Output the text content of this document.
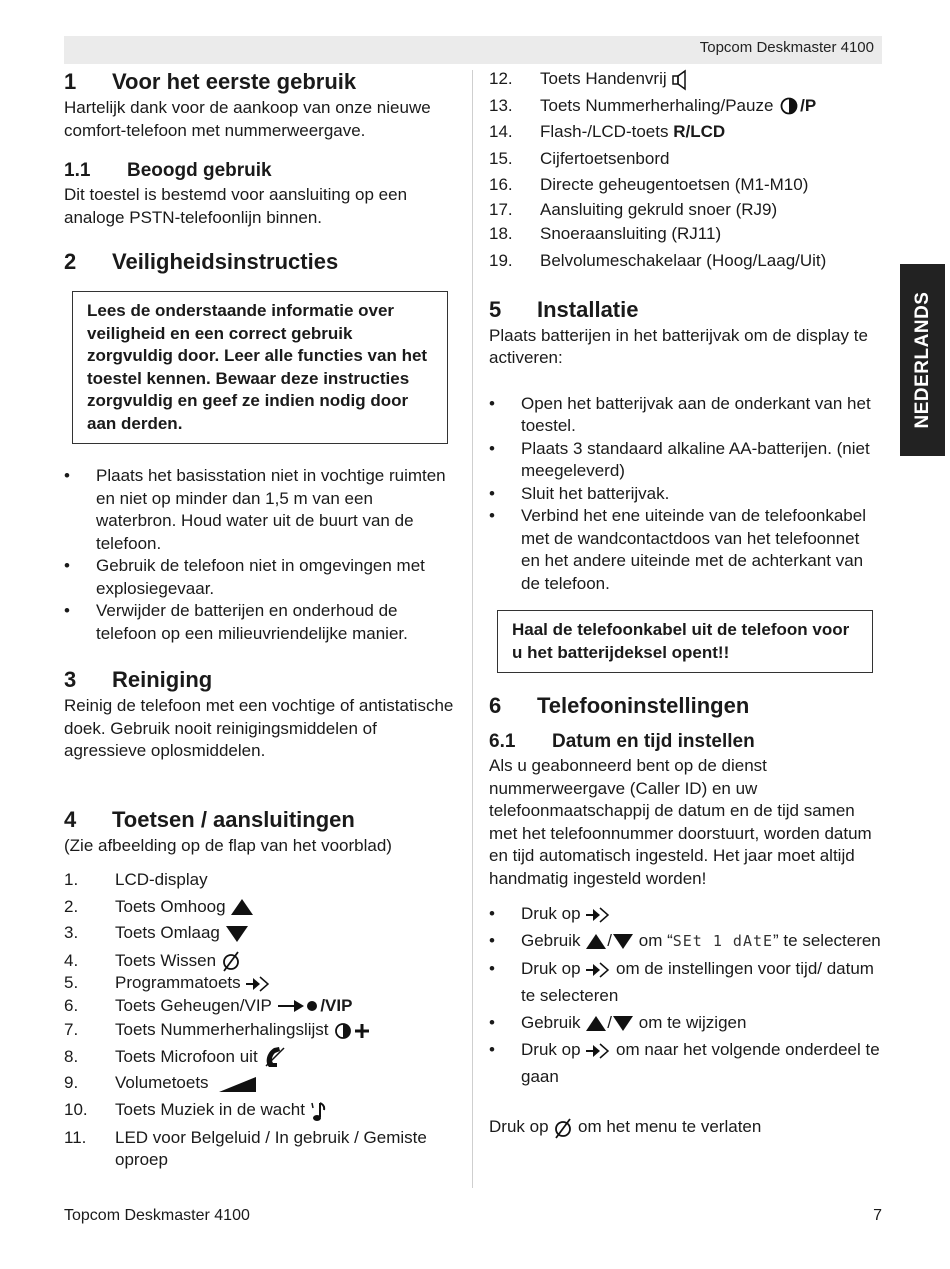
Topcom Deskmaster 4100
NEDERLANDS
1 Voor het eerste gebruik

Hartelijk dank voor de aankoop van onze nieuwe comfort-telefoon met nummerweergave.

1.1 Beoogd gebruik

Dit toestel is bestemd voor aansluiting op een analoge PSTN-telefoonlijn binnen.

2 Veiligheidsinstructies

Lees de onderstaande informatie over veiligheid en een correct gebruik zorgvuldig door. Leer alle functies van het toestel kennen. Bewaar deze instructies zorgvuldig en geef ze indien nodig door aan derden.

• Plaats het basisstation niet in vochtige ruimten en niet op minder dan 1,5 m van een waterbron. Houd water uit de buurt van de telefoon.
• Gebruik de telefoon niet in omgevingen met explosiegevaar.
• Verwijder de batterijen en onderhoud de telefoon op een milieuvriendelijke manier.
3 Reiniging

Reinig de telefoon met een vochtige of antistatische doek. Gebruik nooit reinigingsmiddelen of agressieve oplosmiddelen.

4 Toetsen / aansluitingen

(Zie afbeelding op de flap van het voorblad)

1. LCD-display
2. Toets Omhoog
3. Toets Omlaag
4. Toets Wissen
5. Programmatoets
6. Toets Geheugen/VIP	/VIP
7. Toets Nummerherhalingslijst
8. Toets Microfoon uit
9. Volumetoets
10. Toets Muziek in de wacht
11. LED voor Belgeluid / In gebruik / Gemiste oproep
12. Toets Handenvrij
13. Toets Nummerherhaling/Pauze /P
14. Flash-/LCD-toets R/LCD
15. Cijfertoetsenbord
16. Directe geheugentoetsen (M1-M10)
17. Aansluiting gekruld snoer (RJ9)
18. Snoeraansluiting (RJ11)
19. Belvolumeschakelaar (Hoog/Laag/Uit)
5 Installatie

Plaats batterijen in het batterijvak om de display te activeren:

• Open het batterijvak aan de onderkant van het toestel.
• Plaats 3 standaard alkaline AA-batterijen. (niet meegeleverd)
• Sluit het batterijvak.
• Verbind het ene uiteinde van de telefoonkabel met de wandcontactdoos van het telefoonnet en het andere uiteinde met de achterkant van de telefoon.

Haal de telefoonkabel uit de telefoon voor u het batterijdeksel opent!!

6 Telefooninstellingen
6.1 Datum en tijd instellen

Als u geabonneerd bent op de dienst nummerweergave (Caller ID) en uw telefoonmaatschappij de datum en de tijd samen met het telefoonnummer doorstuurt, worden datum en tijd automatisch ingesteld. Het jaar moet altijd handmatig ingesteld worden!

• Druk op
• Gebruik / om “SEt 1 dAtE” te selecteren
• Druk op om de instellingen voor tijd/ datum te selecteren
• Gebruik / om te wijzigen
• Druk op om naar het volgende onderdeel te gaan

Druk op om het menu te verlaten

Topcom Deskmaster 4100	7
